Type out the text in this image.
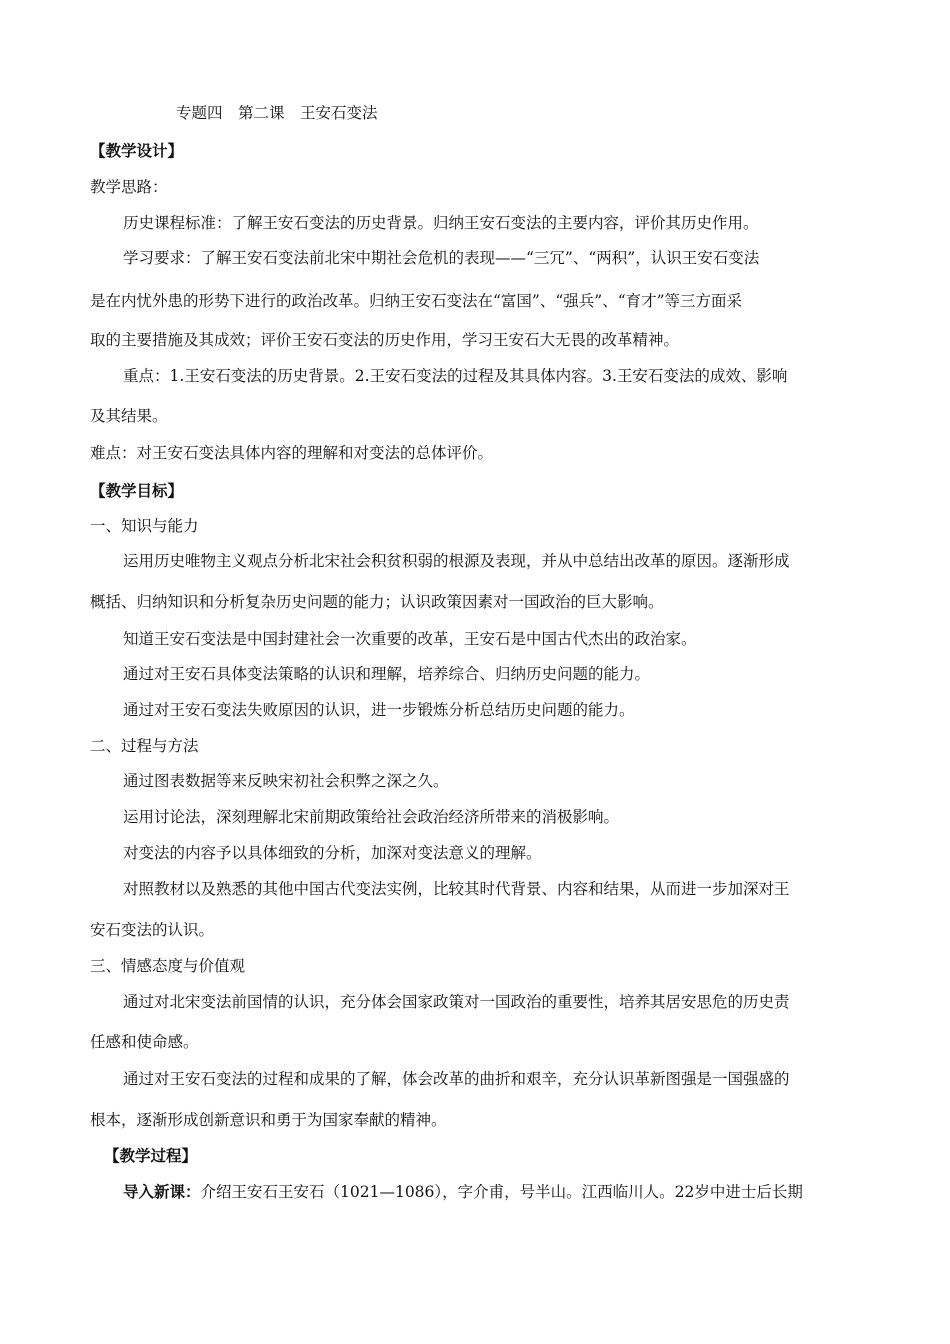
专题四　第二课　王安石变法
【教学设计】
教学思路：
历史课程标准：了解王安石变法的历史背景。归纳王安石变法的主要内容，评价其历史作用。
学习要求：了解王安石变法前北宋中期社会危机的表现——“三冗”、“两积”，认识王安石变法
是在内忧外患的形势下进行的政治改革。归纳王安石变法在“富国”、“强兵”、“育才”等三方面采
取的主要措施及其成效；评价王安石变法的历史作用，学习王安石大无畏的改革精神。
重点：1.王安石变法的历史背景。2.王安石变法的过程及其具体内容。3.王安石变法的成效、影响
及其结果。
难点：对王安石变法具体内容的理解和对变法的总体评价。
【教学目标】
一、知识与能力
运用历史唯物主义观点分析北宋社会积贫积弱的根源及表现，并从中总结出改革的原因。逐渐形成
概括、归纳知识和分析复杂历史问题的能力；认识政策因素对一国政治的巨大影响。
知道王安石变法是中国封建社会一次重要的改革，王安石是中国古代杰出的政治家。
通过对王安石具体变法策略的认识和理解，培养综合、归纳历史问题的能力。
通过对王安石变法失败原因的认识，进一步锻炼分析总结历史问题的能力。
二、过程与方法
通过图表数据等来反映宋初社会积弊之深之久。
运用讨论法，深刻理解北宋前期政策给社会政治经济所带来的消极影响。
对变法的内容予以具体细致的分析，加深对变法意义的理解。
对照教材以及熟悉的其他中国古代变法实例，比较其时代背景、内容和结果，从而进一步加深对王
安石变法的认识。
三、情感态度与价值观
通过对北宋变法前国情的认识，充分体会国家政策对一国政治的重要性，培养其居安思危的历史责
任感和使命感。
通过对王安石变法的过程和成果的了解，体会改革的曲折和艰辛，充分认识革新图强是一国强盛的
根本，逐渐形成创新意识和勇于为国家奉献的精神。
【教学过程】
导入新课：介绍王安石王安石（1021—1086），字介甫，号半山。江西临川人。22岁中进士后长期
